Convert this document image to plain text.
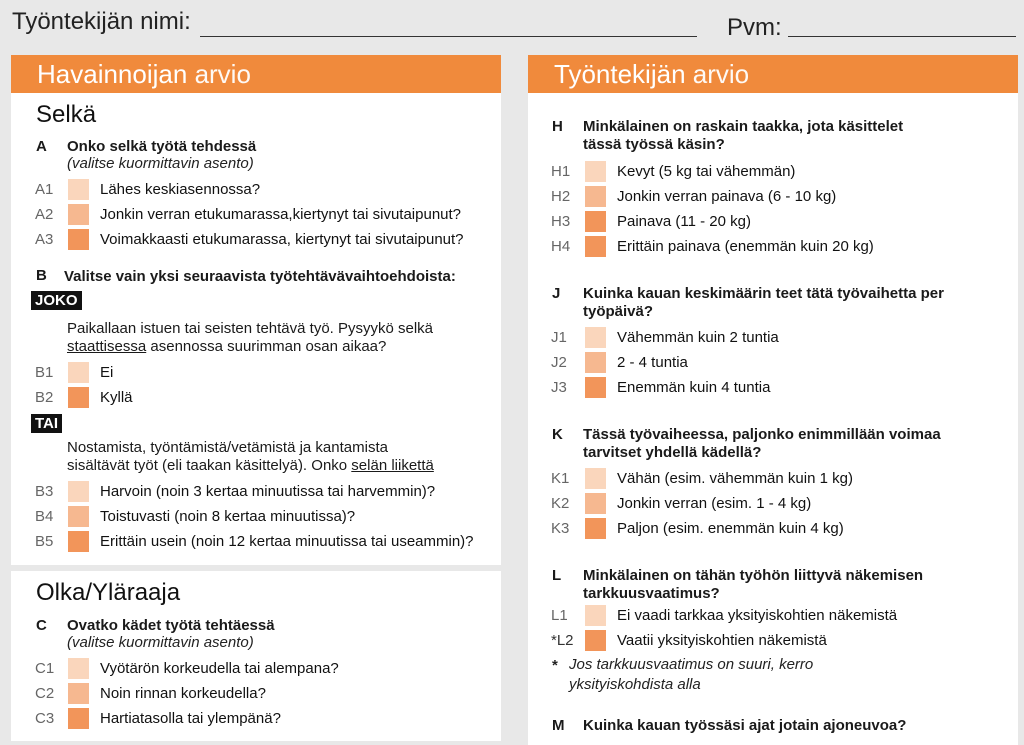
Työntekijän nimi:	Pvm:
Havainnoijan arvio	Työntekijän arvio
Selkä
A Onko selkä työtä tehdessä
(valitse kuormittavin asento)
A1	Lähes keskiasennossa?
A2	Jonkin verran etukumarassa,kiertynyt tai sivutaipunut?
A3	Voimakkaasti etukumarassa, kiertynyt tai sivutaipunut?
B Valitse vain yksi seuraavista työtehtävävaihtoehdoista:
JOKO
Paikallaan istuen tai seisten tehtävä työ. Pysyykö selkä
staattisessa asennossa suurimman osan aikaa?
B1	Ei
B2	Kyllä
TAI
Nostamista, työntämistä/vetämistä ja kantamista
sisältävät työt (eli taakan käsittelyä). Onko selän liikettä
B3	Harvoin (noin 3 kertaa minuutissa tai harvemmin)?
B4	Toistuvasti (noin 8 kertaa minuutissa)?
B5	Erittäin usein (noin 12 kertaa minuutissa tai useammin)?
Olka/Yläraaja
C Ovatko kädet työtä tehtäessä
(valitse kuormittavin asento)
C1	Vyötärön korkeudella tai alempana?
C2	Noin rinnan korkeudella?
C3	Hartiatasolla tai ylempänä?
H Minkälainen on raskain taakka, jota käsittelet
tässä työssä käsin?
H1	Kevyt (5 kg tai vähemmän)
H2	Jonkin verran painava (6 - 10 kg)
H3	Painava (11 - 20 kg)
H4	Erittäin painava (enemmän kuin 20 kg)
J Kuinka kauan keskimäärin teet tätä työvaihetta per
työpäivä?
J1	Vähemmän kuin 2 tuntia
J2	2 - 4 tuntia
J3	Enemmän kuin 4 tuntia
K Tässä työvaiheessa, paljonko enimmillään voimaa
tarvitset yhdellä kädellä?
K1	Vähän (esim. vähemmän kuin 1 kg)
K2	Jonkin verran (esim. 1 - 4 kg)
K3	Paljon (esim. enemmän kuin 4 kg)
L Minkälainen on tähän työhön liittyvä näkemisen
tarkkuusvaatimus?
L1	Ei vaadi tarkkaa yksityiskohtien näkemistä
*L2	Vaatii yksityiskohtien näkemistä
* Jos tarkkuusvaatimus on suuri, kerro
yksityiskohdista alla
M Kuinka kauan työssäsi ajat jotain ajoneuvoa?
